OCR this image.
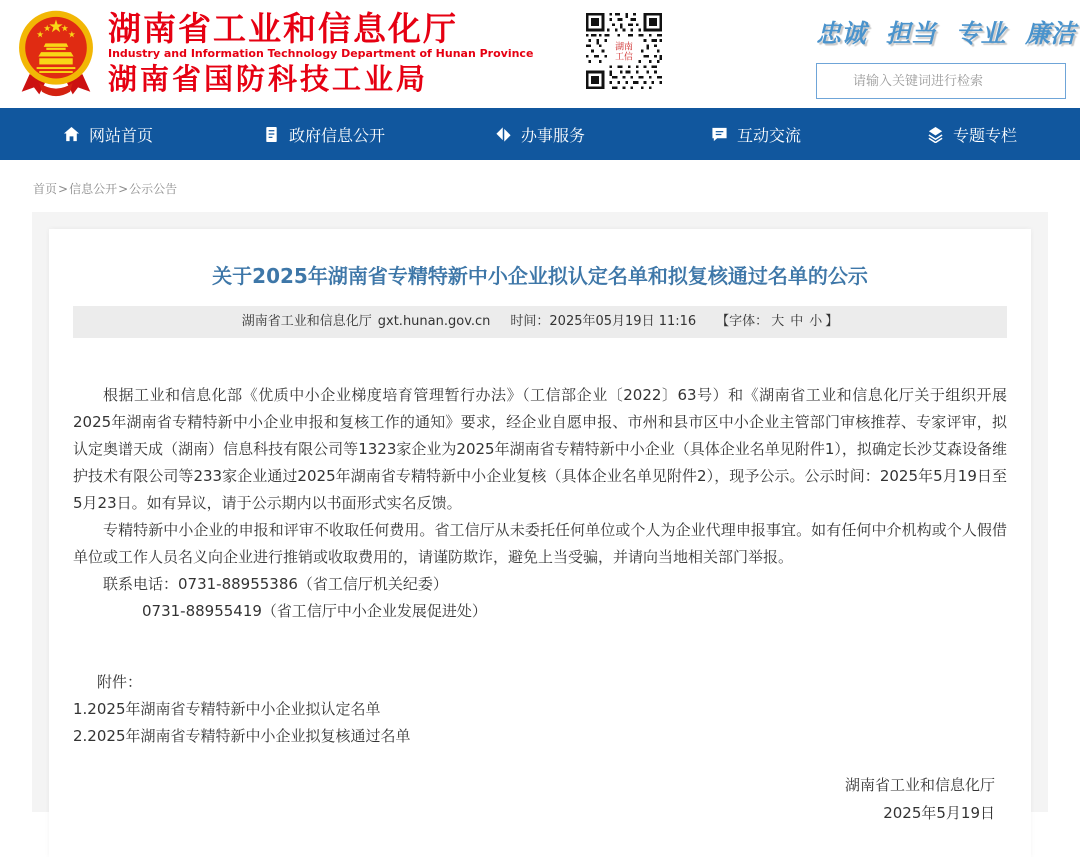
湖南省工业和信息化厅
Industry and Information Technology Department of Hunan Province
湖南省国防科技工业局
湖南
工信
忠诚 担当 专业 廉洁
请输入关键词进行检索
网站首页	政府信息公开	办事服务	互动交流	专题专栏
首页>信息公开>公示公告
关于2025年湖南省专精特新中小企业拟认定名单和拟复核通过名单的公示
湖南省工业和信息化厅 gxt.hunan.gov.cn 时间：2025年05月19日 11:16 【字体： 大 中 小 】

根据工业和信息化部《优质中小企业梯度培育管理暂行办法》（工信部企业〔2022〕63号）和《湖南省工业和信息化厅关于组织开展2025年湖南省专精特新中小企业申报和复核工作的通知》要求，经企业自愿申报、市州和县市区中小企业主管部门审核推荐、专家评审，拟认定奥谱天成（湖南）信息科技有限公司等1323家企业为2025年湖南省专精特新中小企业（具体企业名单见附件1），拟确定长沙艾森设备维护技术有限公司等233家企业通过2025年湖南省专精特新中小企业复核（具体企业名单见附件2），现予公示。公示时间：2025年5月19日至5月23日。如有异议，请于公示期内以书面形式实名反馈。

专精特新中小企业的申报和评审不收取任何费用。省工信厅从未委托任何单位或个人为企业代理申报事宜。如有任何中介机构或个人假借单位或工作人员名义向企业进行推销或收取费用的，请谨防欺诈，避免上当受骗，并请向当地相关部门举报。

联系电话：0731-88955386（省工信厅机关纪委）

0731-88955419（省工信厅中小企业发展促进处）

附件：

1.2025年湖南省专精特新中小企业拟认定名单

2.2025年湖南省专精特新中小企业拟复核通过名单

湖南省工业和信息化厅

2025年5月19日
